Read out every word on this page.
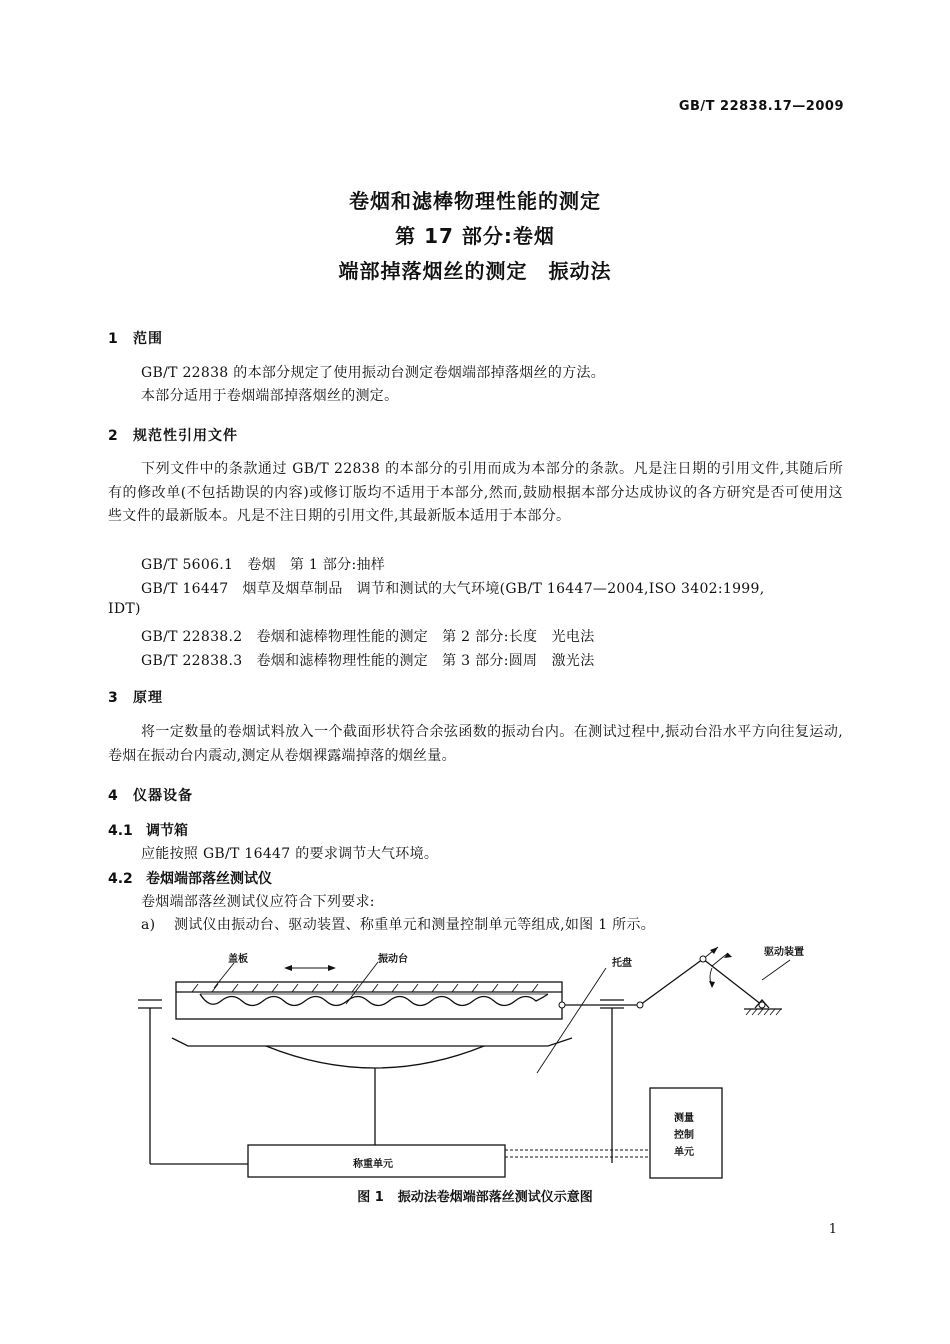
GB/T 22838.17—2009
卷烟和滤棒物理性能的测定
第 17 部分:卷烟
端部掉落烟丝的测定　振动法
1 范围
GB/T 22838 的本部分规定了使用振动台测定卷烟端部掉落烟丝的方法。
本部分适用于卷烟端部掉落烟丝的测定。
2 规范性引用文件
下列文件中的条款通过 GB/T 22838 的本部分的引用而成为本部分的条款。凡是注日期的引用文件,其随后所有的修改单(不包括勘误的内容)或修订版均不适用于本部分,然而,鼓励根据本部分达成协议的各方研究是否可使用这些文件的最新版本。凡是不注日期的引用文件,其最新版本适用于本部分。
GB/T 5606.1 卷烟 第 1 部分:抽样
GB/T 16447 烟草及烟草制品 调节和测试的大气环境(GB/T 16447—2004,ISO 3402:1999,
IDT)
GB/T 22838.2 卷烟和滤棒物理性能的测定 第 2 部分:长度　光电法
GB/T 22838.3 卷烟和滤棒物理性能的测定 第 3 部分:圆周　激光法
3 原理
将一定数量的卷烟试料放入一个截面形状符合余弦函数的振动台内。在测试过程中,振动台沿水平方向往复运动,卷烟在振动台内震动,测定从卷烟裸露端掉落的烟丝量。
4 仪器设备
4.1 调节箱
应能按照 GB/T 16447 的要求调节大气环境。
4.2 卷烟端部落丝测试仪
卷烟端部落丝测试仪应符合下列要求:
a) 测试仪由振动台、驱动装置、称重单元和测量控制单元等组成,如图 1 所示。
盖板	振动台	托盘
驱动装置
称重单元
测量
控制
单元
图 1 振动法卷烟端部落丝测试仪示意图
1
